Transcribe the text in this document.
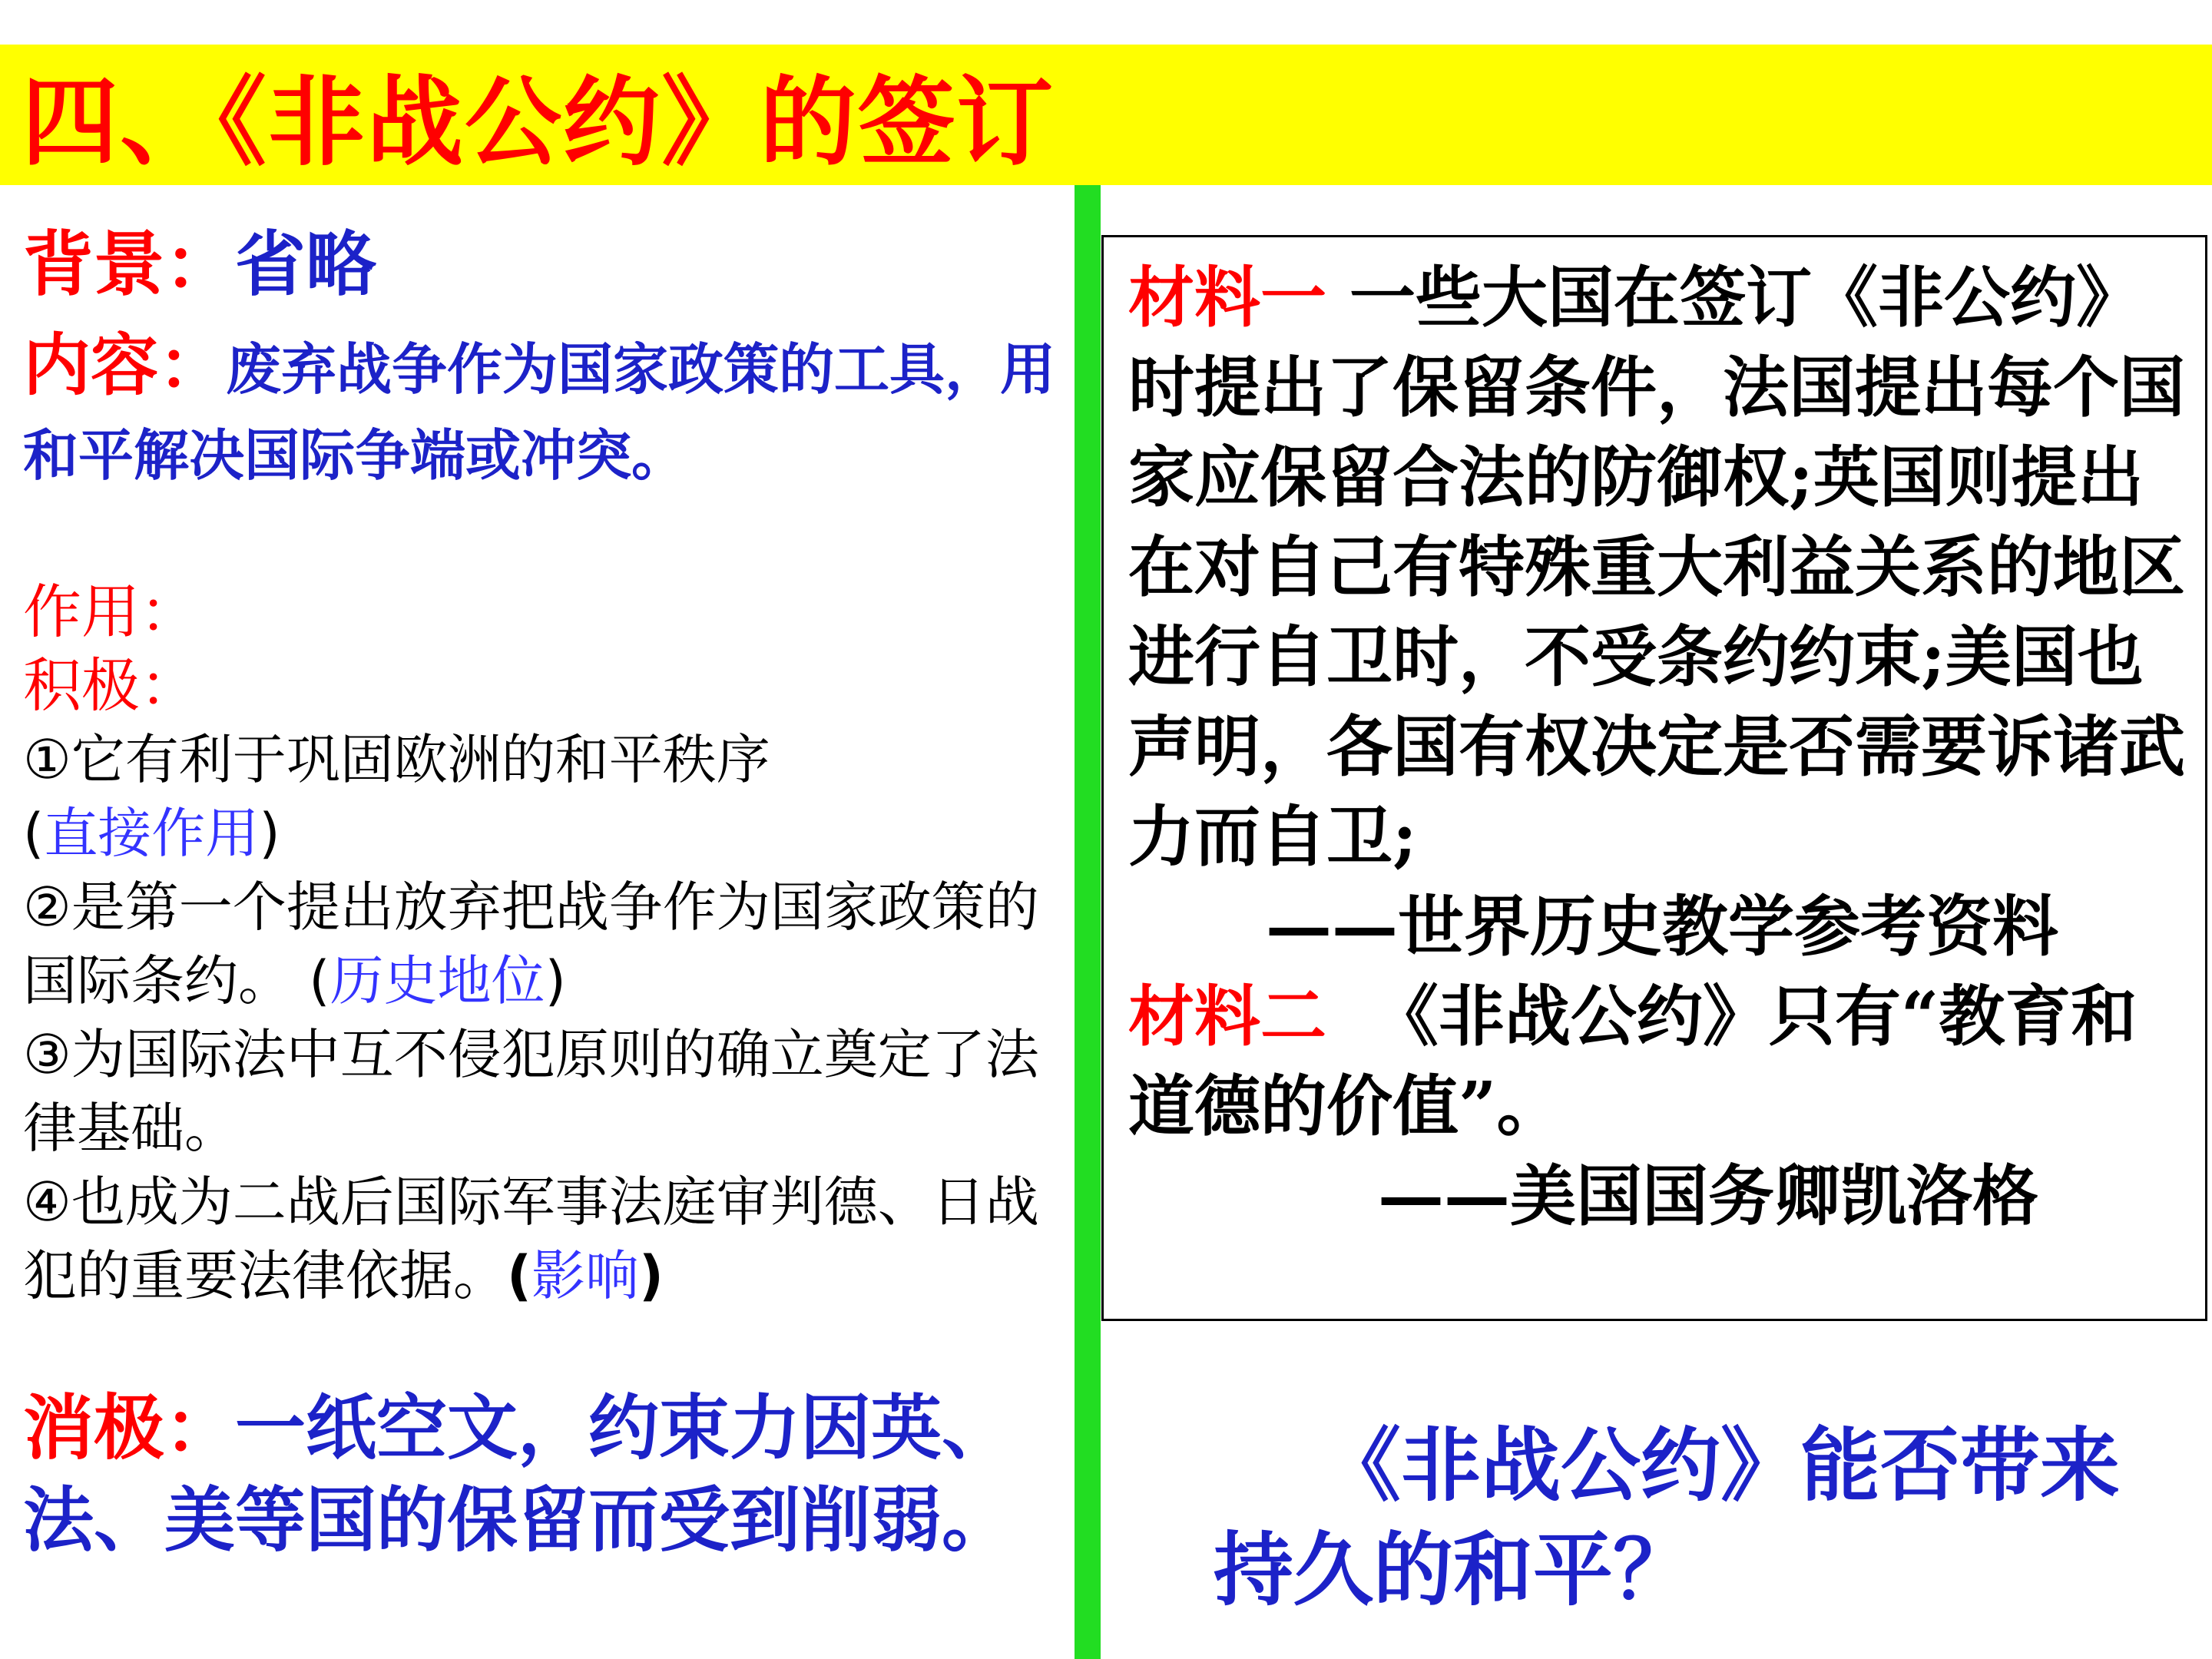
四、《非战公约》的签订

背景：省略

内容：废弃战争作为国家政策的工具，用和平解决国际争端或冲突。

作用：
积极：
①它有利于巩固欧洲的和平秩序
(直接作用)
②是第一个提出放弃把战争作为国家政策的国际条约。 (历史地位)
③为国际法中互不侵犯原则的确立奠定了法律基础。
④也成为二战后国际军事法庭审判德、日战犯的重要法律依据。(影响)

消极：一纸空文，约束力因英、法、美等国的保留而受到削弱。

材料一 一些大国在签订《非公约》时提出了保留条件，法国提出每个国家应保留合法的防御权;英国则提出在对自己有特殊重大利益关系的地区进行自卫时，不受条约约束;美国也声明，各国有权决定是否需要诉诸武力而自卫;
——世界历史教学参考资料
材料二 《非战公约》只有“教育和道德的价值”。
——美国国务卿凯洛格

《非战公约》能否带来持久的和平？
